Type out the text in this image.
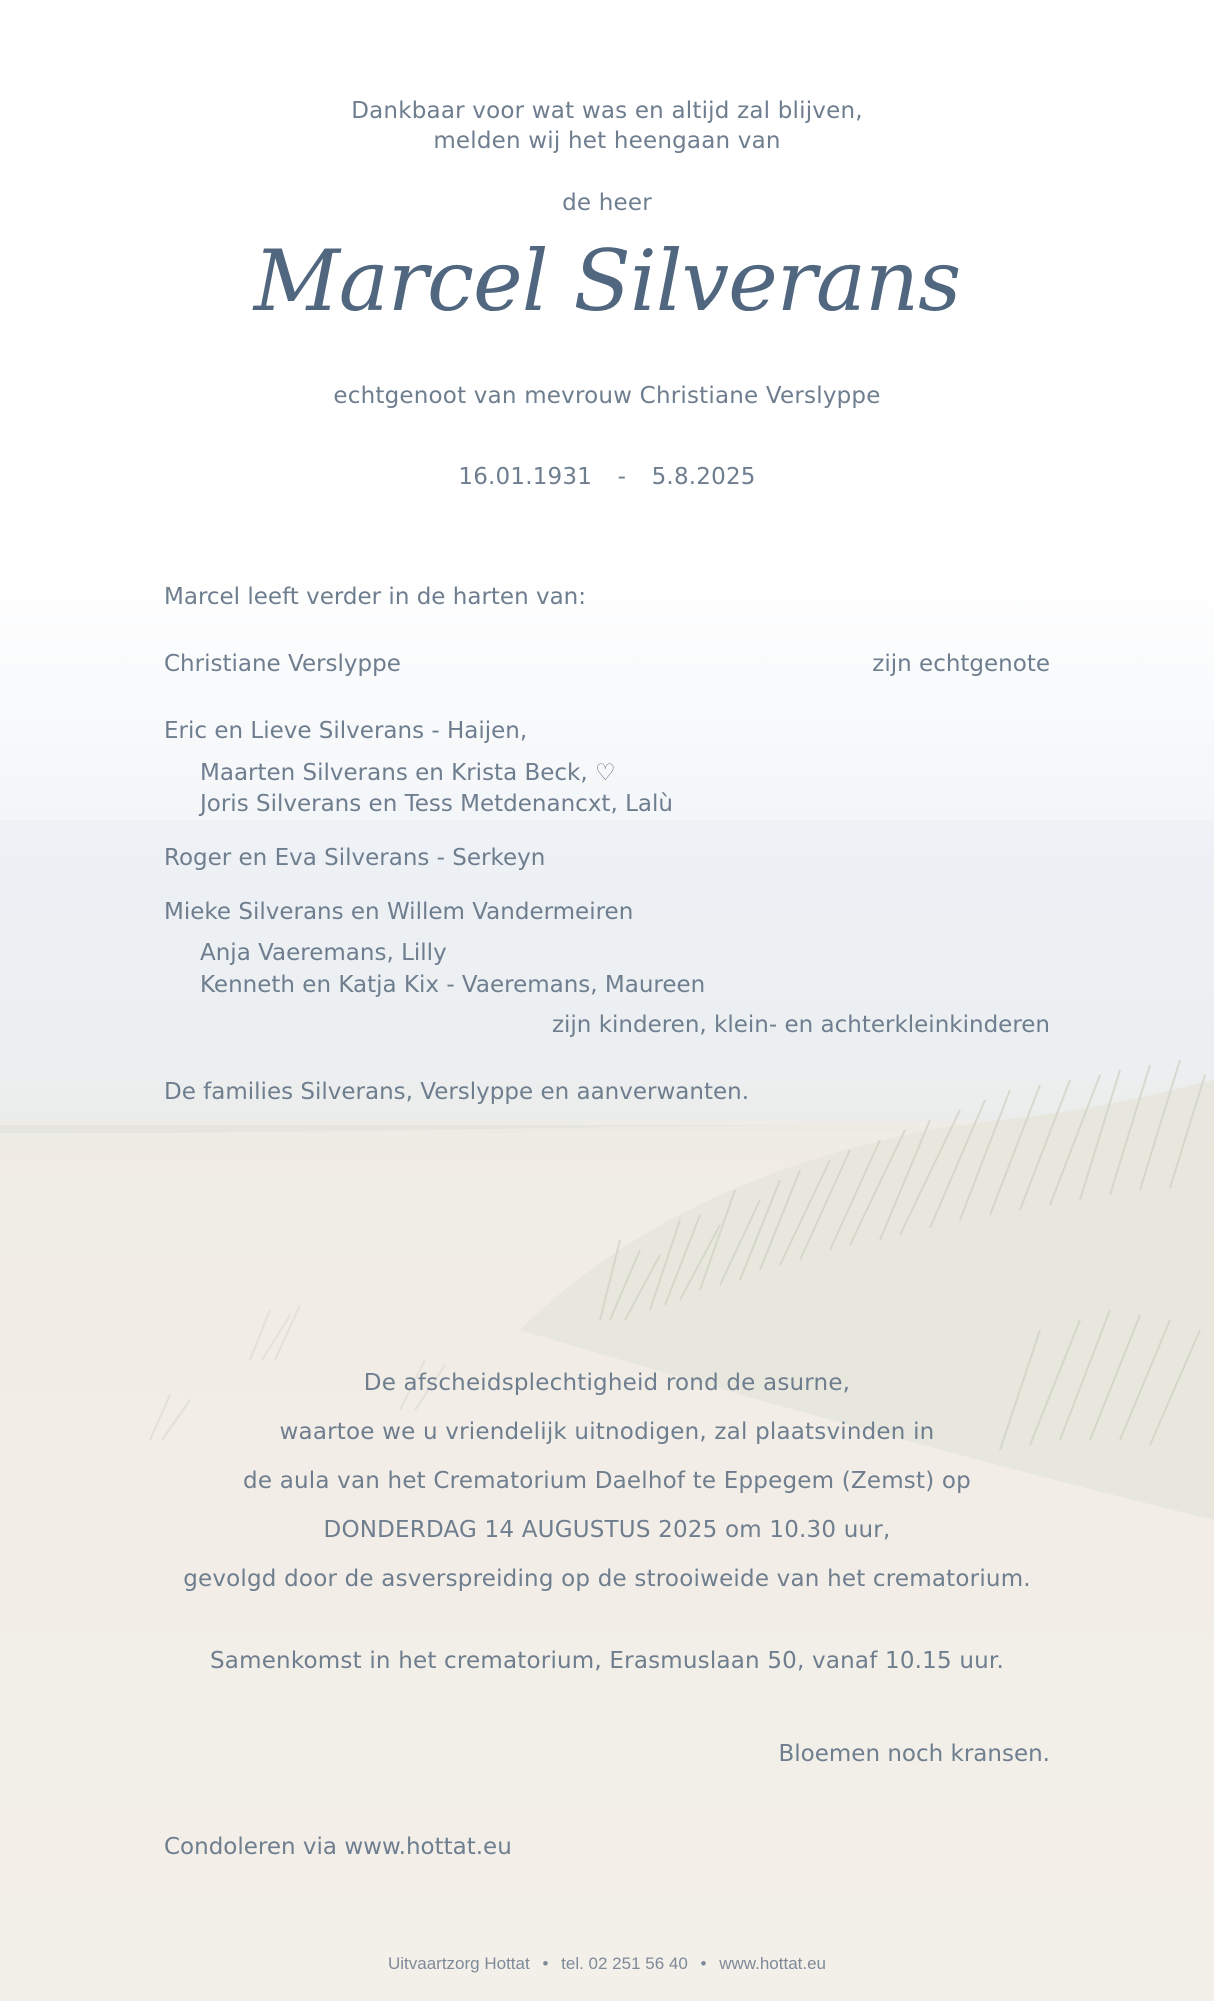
Dankbaar voor wat was en altijd zal blijven,
melden wij het heengaan van
de heer
Marcel Silverans
echtgenoot van mevrouw Christiane Verslyppe
16.01.1931 - 5.8.2025
Marcel leeft verder in de harten van:
Christiane Verslyppe	zijn echtgenote
Eric en Lieve Silverans - Haijen,
Maarten Silverans en Krista Beck, ♡
Joris Silverans en Tess Metdenancxt, Lalù
Roger en Eva Silverans - Serkeyn
Mieke Silverans en Willem Vandermeiren
Anja Vaeremans, Lilly
Kenneth en Katja Kix - Vaeremans, Maureen
zijn kinderen, klein- en achterkleinkinderen
De families Silverans, Verslyppe en aanverwanten.
De afscheidsplechtigheid rond de asurne,
waartoe we u vriendelijk uitnodigen, zal plaatsvinden in
de aula van het Crematorium Daelhof te Eppegem (Zemst) op
DONDERDAG 14 AUGUSTUS 2025 om 10.30 uur,
gevolgd door de asverspreiding op de strooiweide van het crematorium.
Samenkomst in het crematorium, Erasmuslaan 50, vanaf 10.15 uur.
Bloemen noch kransen.
Condoleren via www.hottat.eu
Uitvaartzorg Hottat • tel. 02 251 56 40 • www.hottat.eu
